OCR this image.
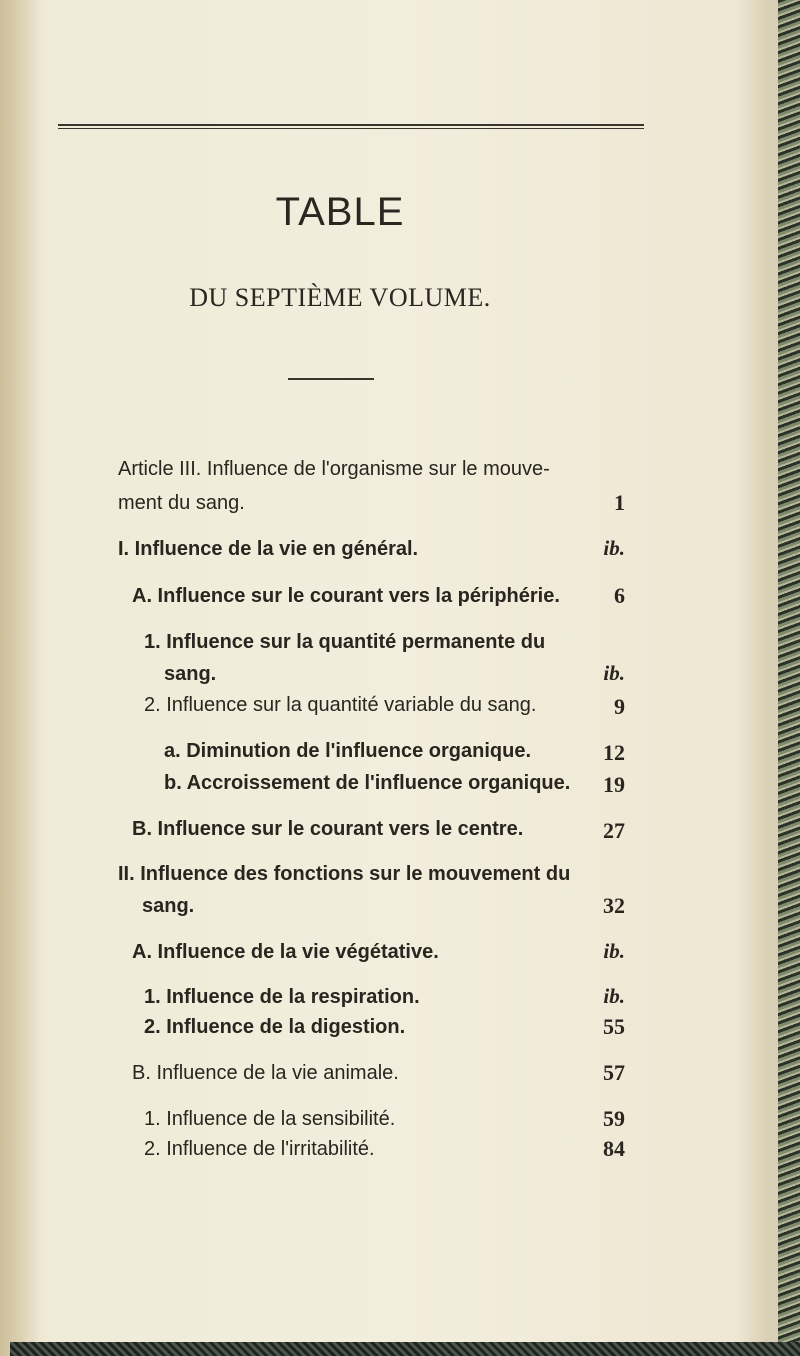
TABLE
DU SEPTIÈME VOLUME.
Article III. Influence de l'organisme sur le mouve-
ment du sang.	1
I. Influence de la vie en général.	ib.
A. Influence sur le courant vers la périphérie.	6
1. Influence sur la quantité permanente du
sang.	ib.
2. Influence sur la quantité variable du sang.	9
a. Diminution de l'influence organique.	12
b. Accroissement de l'influence organique.	19
B. Influence sur le courant vers le centre.	27
II. Influence des fonctions sur le mouvement du
sang.	32
A. Influence de la vie végétative.	ib.
1. Influence de la respiration.	ib.
2. Influence de la digestion.	55
B. Influence de la vie animale.	57
1. Influence de la sensibilité.	59
2. Influence de l'irritabilité.	84
